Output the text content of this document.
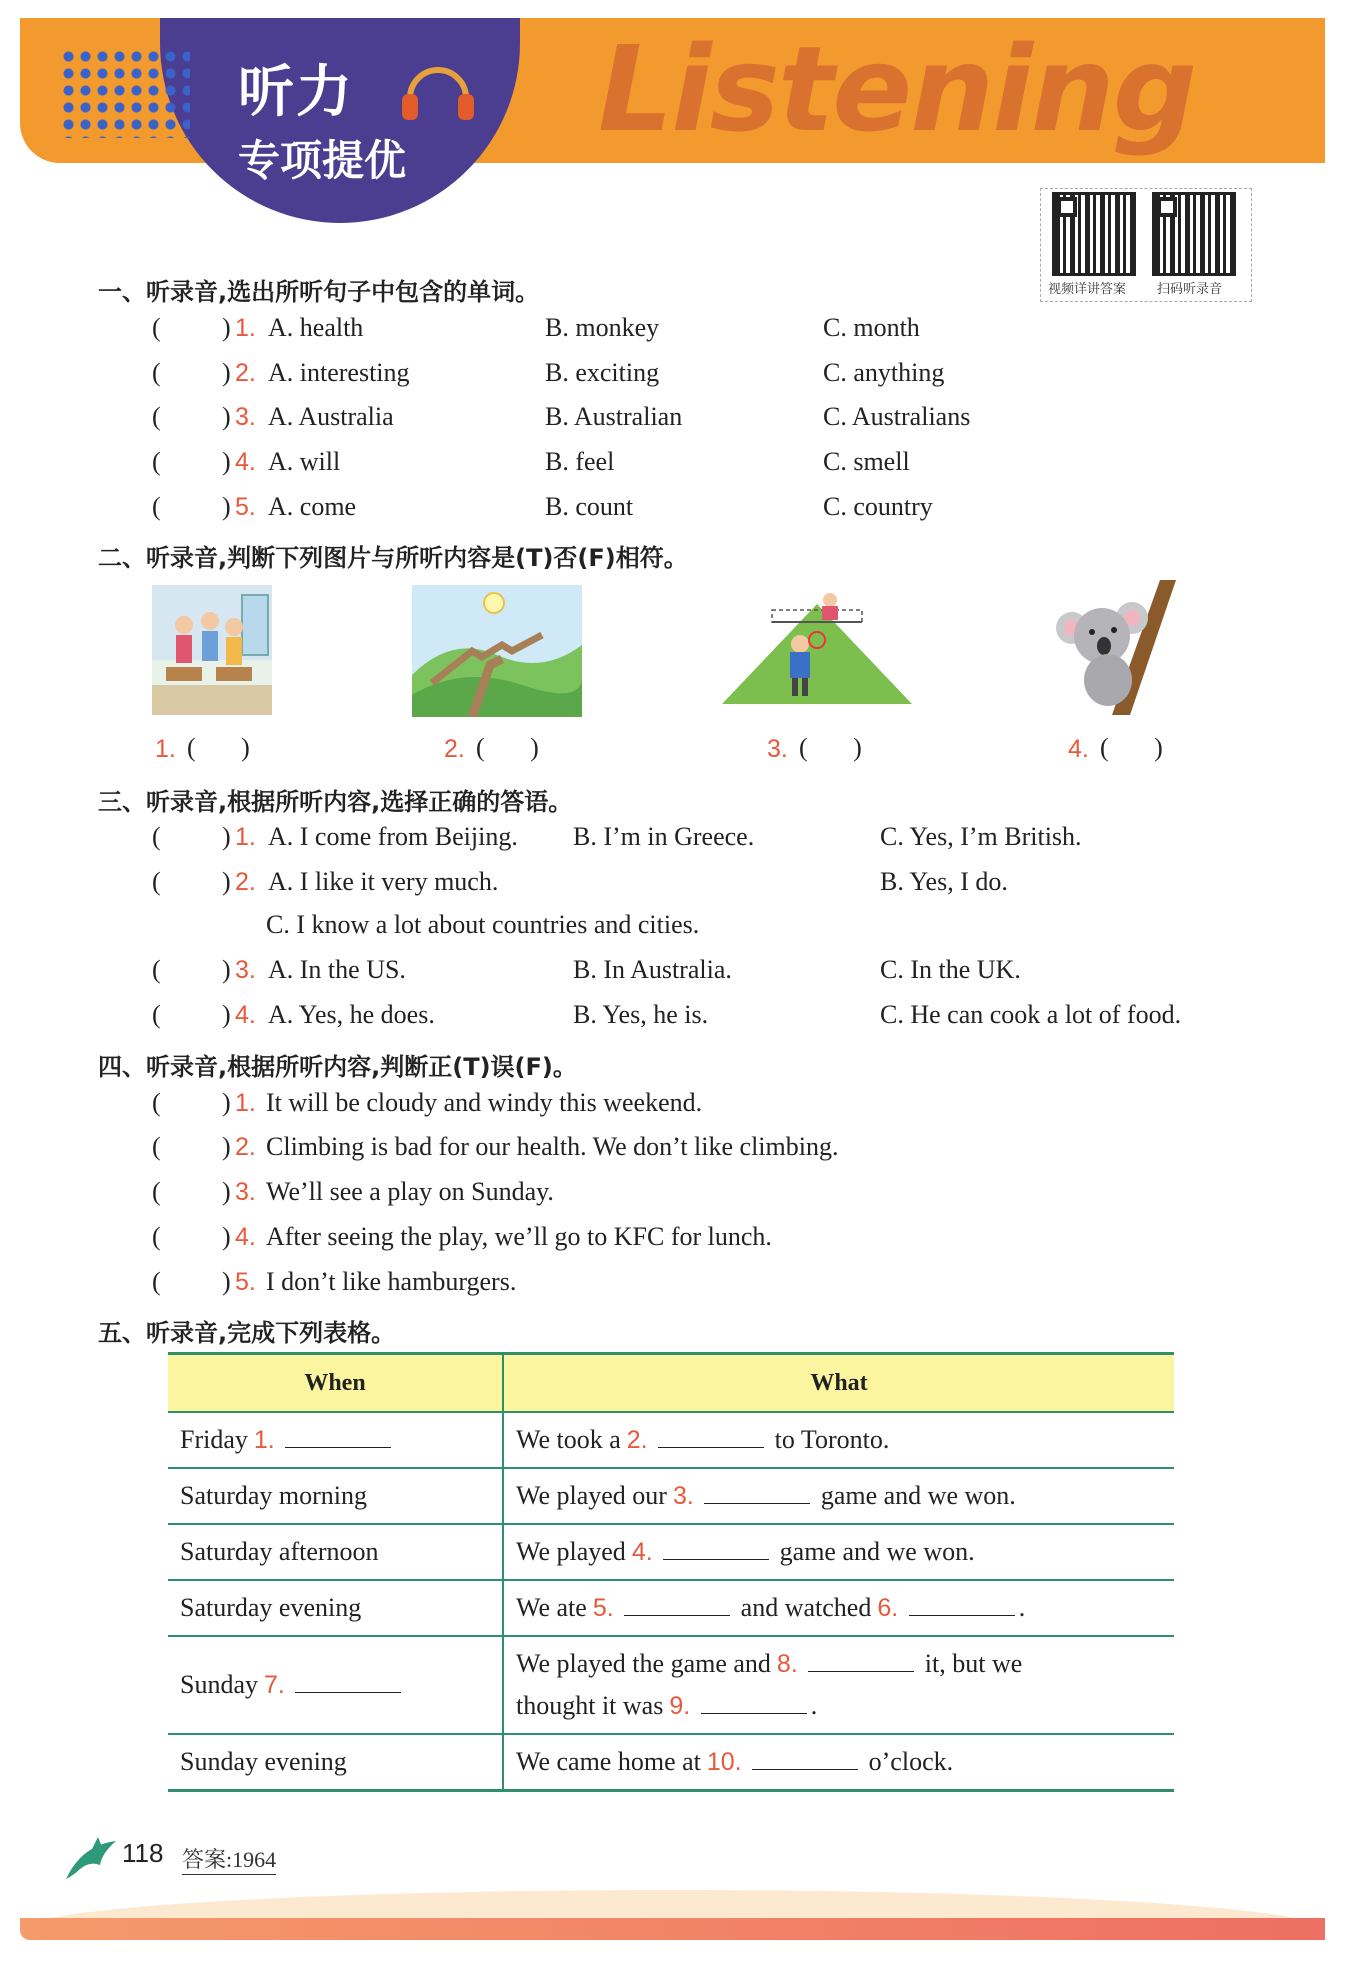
听力
专项提优
Listening
视频详讲答案 扫码听录音
一、听录音,选出所听句子中包含的单词。
( ) 1. A. health	B. monkey	C. month
( ) 2. A. interesting	B. exciting	C. anything
( ) 3. A. Australia	B. Australian	C. Australians
( ) 4. A. will	B. feel	C. smell
( ) 5. A. come	B. count	C. country
二、听录音,判断下列图片与所听内容是(T)否(F)相符。
1. (       )	2. (       )	3. (       )	4. (       )
三、听录音,根据所听内容,选择正确的答语。
( ) 1. A. I come from Beijing. B. I’m in Greece.	C. Yes, I’m British.
( ) 2. A. I like it very much.	B. Yes, I do.
C. I know a lot about countries and cities.
( ) 3. A. In the US.	B. In Australia.	C. In the UK.
( ) 4. A. Yes, he does.	B. Yes, he is.	C. He can cook a lot of food.
四、听录音,根据所听内容,判断正(T)误(F)。
( ) 1. It will be cloudy and windy this weekend.
( ) 2. Climbing is bad for our health. We don’t like climbing.
( ) 3. We’ll see a play on Sunday.
( ) 4. After seeing the play, we’ll go to KFC for lunch.
( ) 5. I don’t like hamburgers.
五、听录音,完成下列表格。
When	What
Friday 1.	We took a 2. to Toronto.
Saturday morning	We played our 3. game and we won.
Saturday afternoon	We played 4. game and we won.
Saturday evening	We ate 5. and watched 6. .
Sunday 7.	We played the game and 8. it, but we
thought it was 9. .

Sunday evening	We came home at 10. o’clock.
118 答案:1964
